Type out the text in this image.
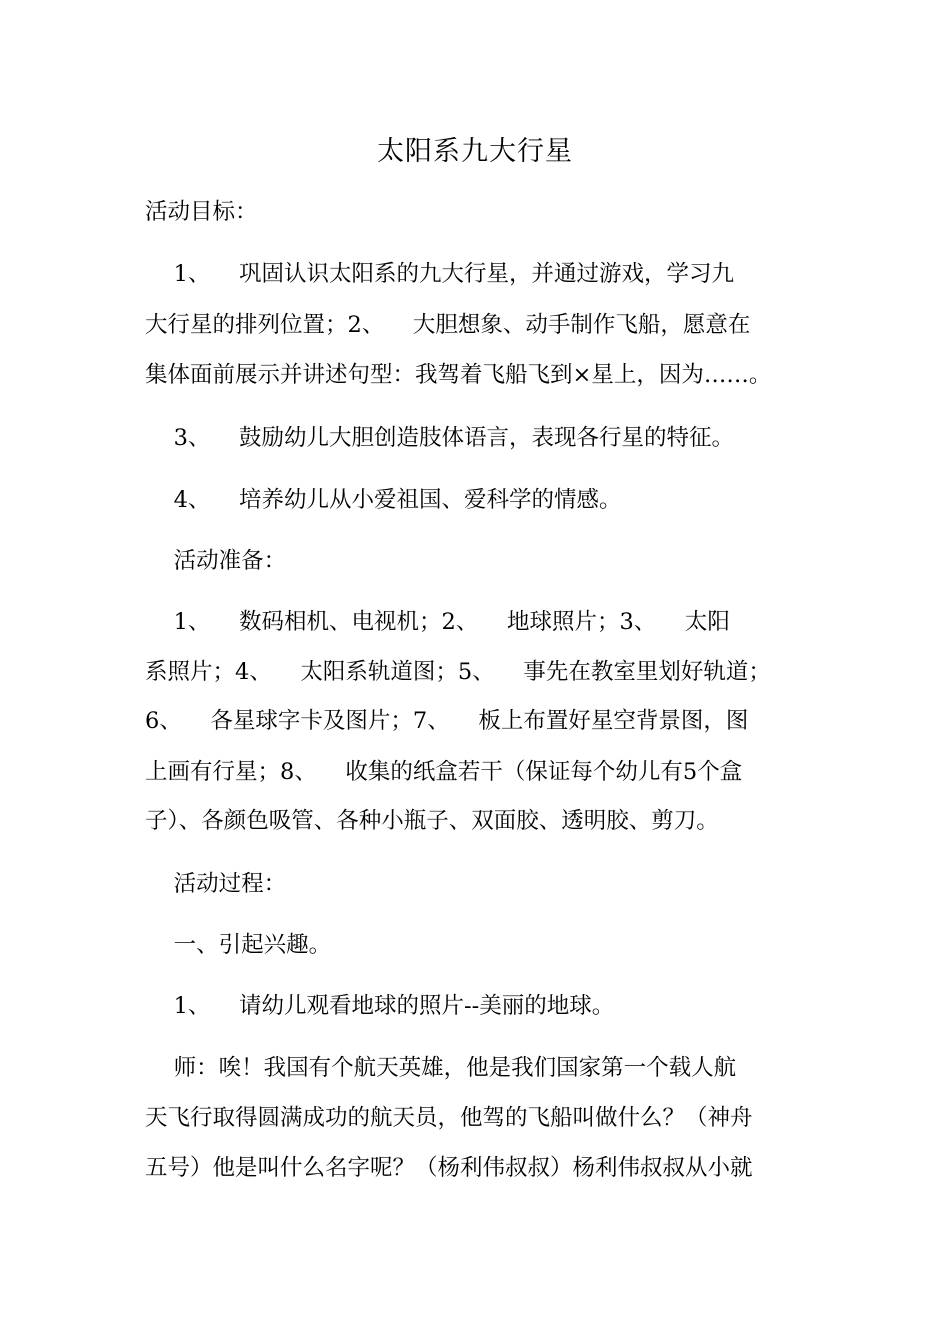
太阳系九大行星
活动目标：
1、    巩固认识太阳系的九大行星，并通过游戏，学习九
大行星的排列位置；2、    大胆想象、动手制作飞船，愿意在
集体面前展示并讲述句型：我驾着飞船飞到×星上，因为……。
3、    鼓励幼儿大胆创造肢体语言，表现各行星的特征。
4、    培养幼儿从小爱祖国、爱科学的情感。
活动准备：
1、    数码相机、电视机；2、    地球照片；3、    太阳
系照片；4、    太阳系轨道图；5、    事先在教室里划好轨道；
6、    各星球字卡及图片；7、    板上布置好星空背景图，图
上画有行星；8、    收集的纸盒若干（保证每个幼儿有5个盒
子）、各颜色吸管、各种小瓶子、双面胶、透明胶、剪刀。
活动过程：
一、引起兴趣。
1、    请幼儿观看地球的照片--美丽的地球。
师：唉！我国有个航天英雄，他是我们国家第一个载人航
天飞行取得圆满成功的航天员，他驾的飞船叫做什么？（神舟
五号）他是叫什么名字呢？（杨利伟叔叔）杨利伟叔叔从小就
